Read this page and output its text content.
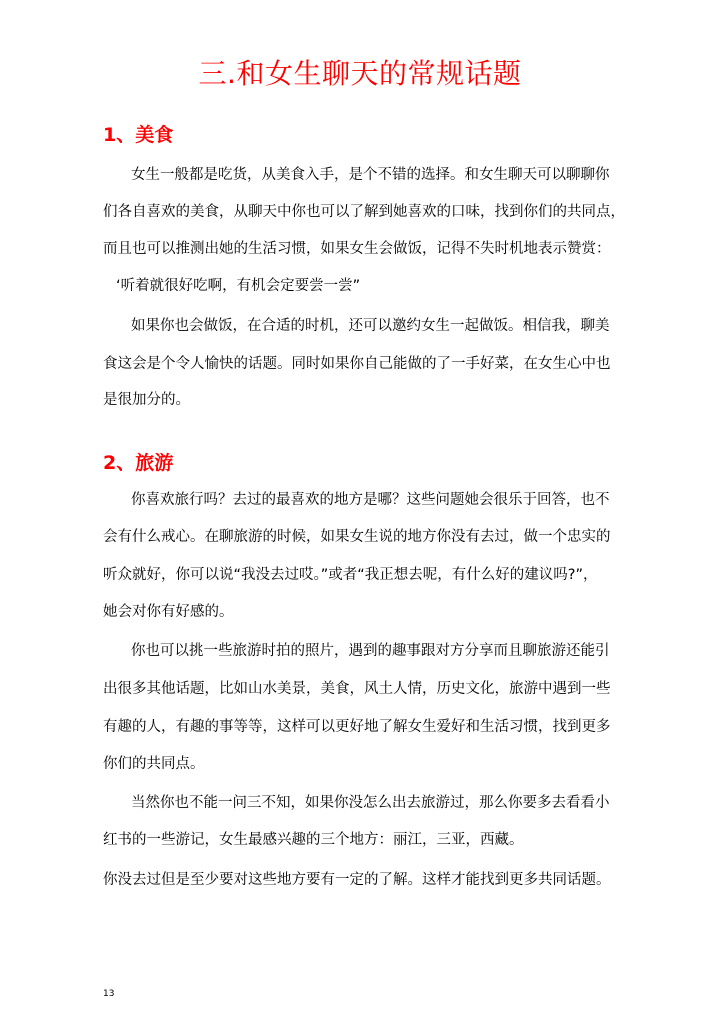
三.和女生聊天的常规话题
1、美食
女生一般都是吃货，从美食入手，是个不错的选择。和女生聊天可以聊聊你
们各自喜欢的美食，从聊天中你也可以了解到她喜欢的口味，找到你们的共同点，
而且也可以推测出她的生活习惯，如果女生会做饭，记得不失时机地表示赞赏：
‘听着就很好吃啊，有机会定要尝一尝”
如果你也会做饭，在合适的时机，还可以邀约女生一起做饭。相信我，聊美
食这会是个令人愉快的话题。同时如果你自己能做的了一手好菜，在女生心中也
是很加分的。
2、旅游
你喜欢旅行吗？去过的最喜欢的地方是哪？这些问题她会很乐于回答，也不
会有什么戒心。在聊旅游的时候，如果女生说的地方你没有去过，做一个忠实的
听众就好，你可以说“我没去过哎。”或者“我正想去呢，有什么好的建议吗?”，
她会对你有好感的。
你也可以挑一些旅游时拍的照片，遇到的趣事跟对方分享而且聊旅游还能引
出很多其他话题，比如山水美景，美食，风土人情，历史文化，旅游中遇到一些
有趣的人，有趣的事等等，这样可以更好地了解女生爱好和生活习惯，找到更多
你们的共同点。
当然你也不能一问三不知，如果你没怎么出去旅游过，那么你要多去看看小
红书的一些游记，女生最感兴趣的三个地方：丽江，三亚，西藏。
你没去过但是至少要对这些地方要有一定的了解。这样才能找到更多共同话题。
13
